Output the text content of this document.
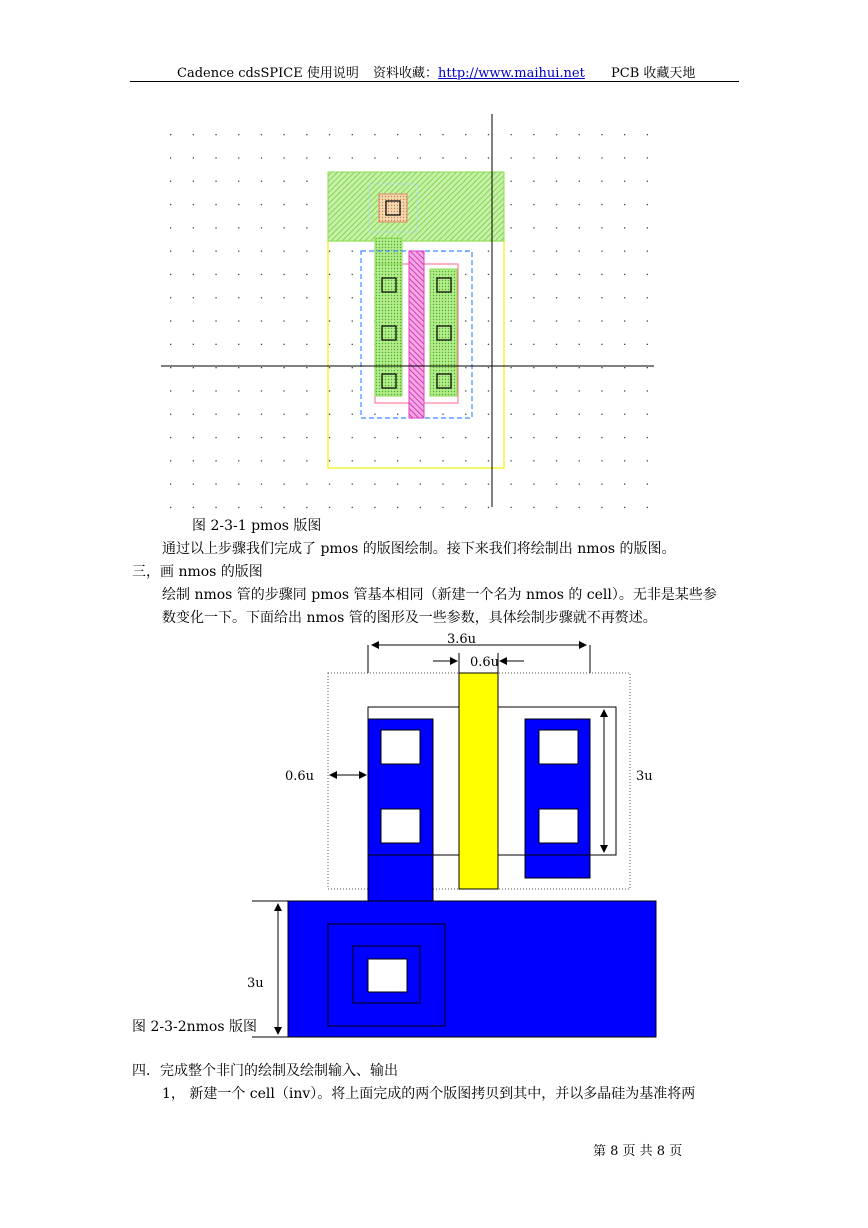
Cadence cdsSPICE 使用说明 资料收藏：http://www.maihui.net PCB 收藏天地
图 2-3-1 pmos 版图
通过以上步骤我们完成了 pmos 的版图绘制。接下来我们将绘制出 nmos 的版图。
三，画 nmos 的版图
绘制 nmos 管的步骤同 pmos 管基本相同（新建一个名为 nmos 的 cell）。无非是某些参
数变化一下。下面给出 nmos 管的图形及一些参数，具体绘制步骤就不再赘述。
3.6u
0.6u
0.6u	3u
3u
图 2-3-2nmos 版图
四．完成整个非门的绘制及绘制输入、输出
1， 新建一个 cell（inv）。将上面完成的两个版图拷贝到其中，并以多晶硅为基准将两
第 8 页 共 8 页
